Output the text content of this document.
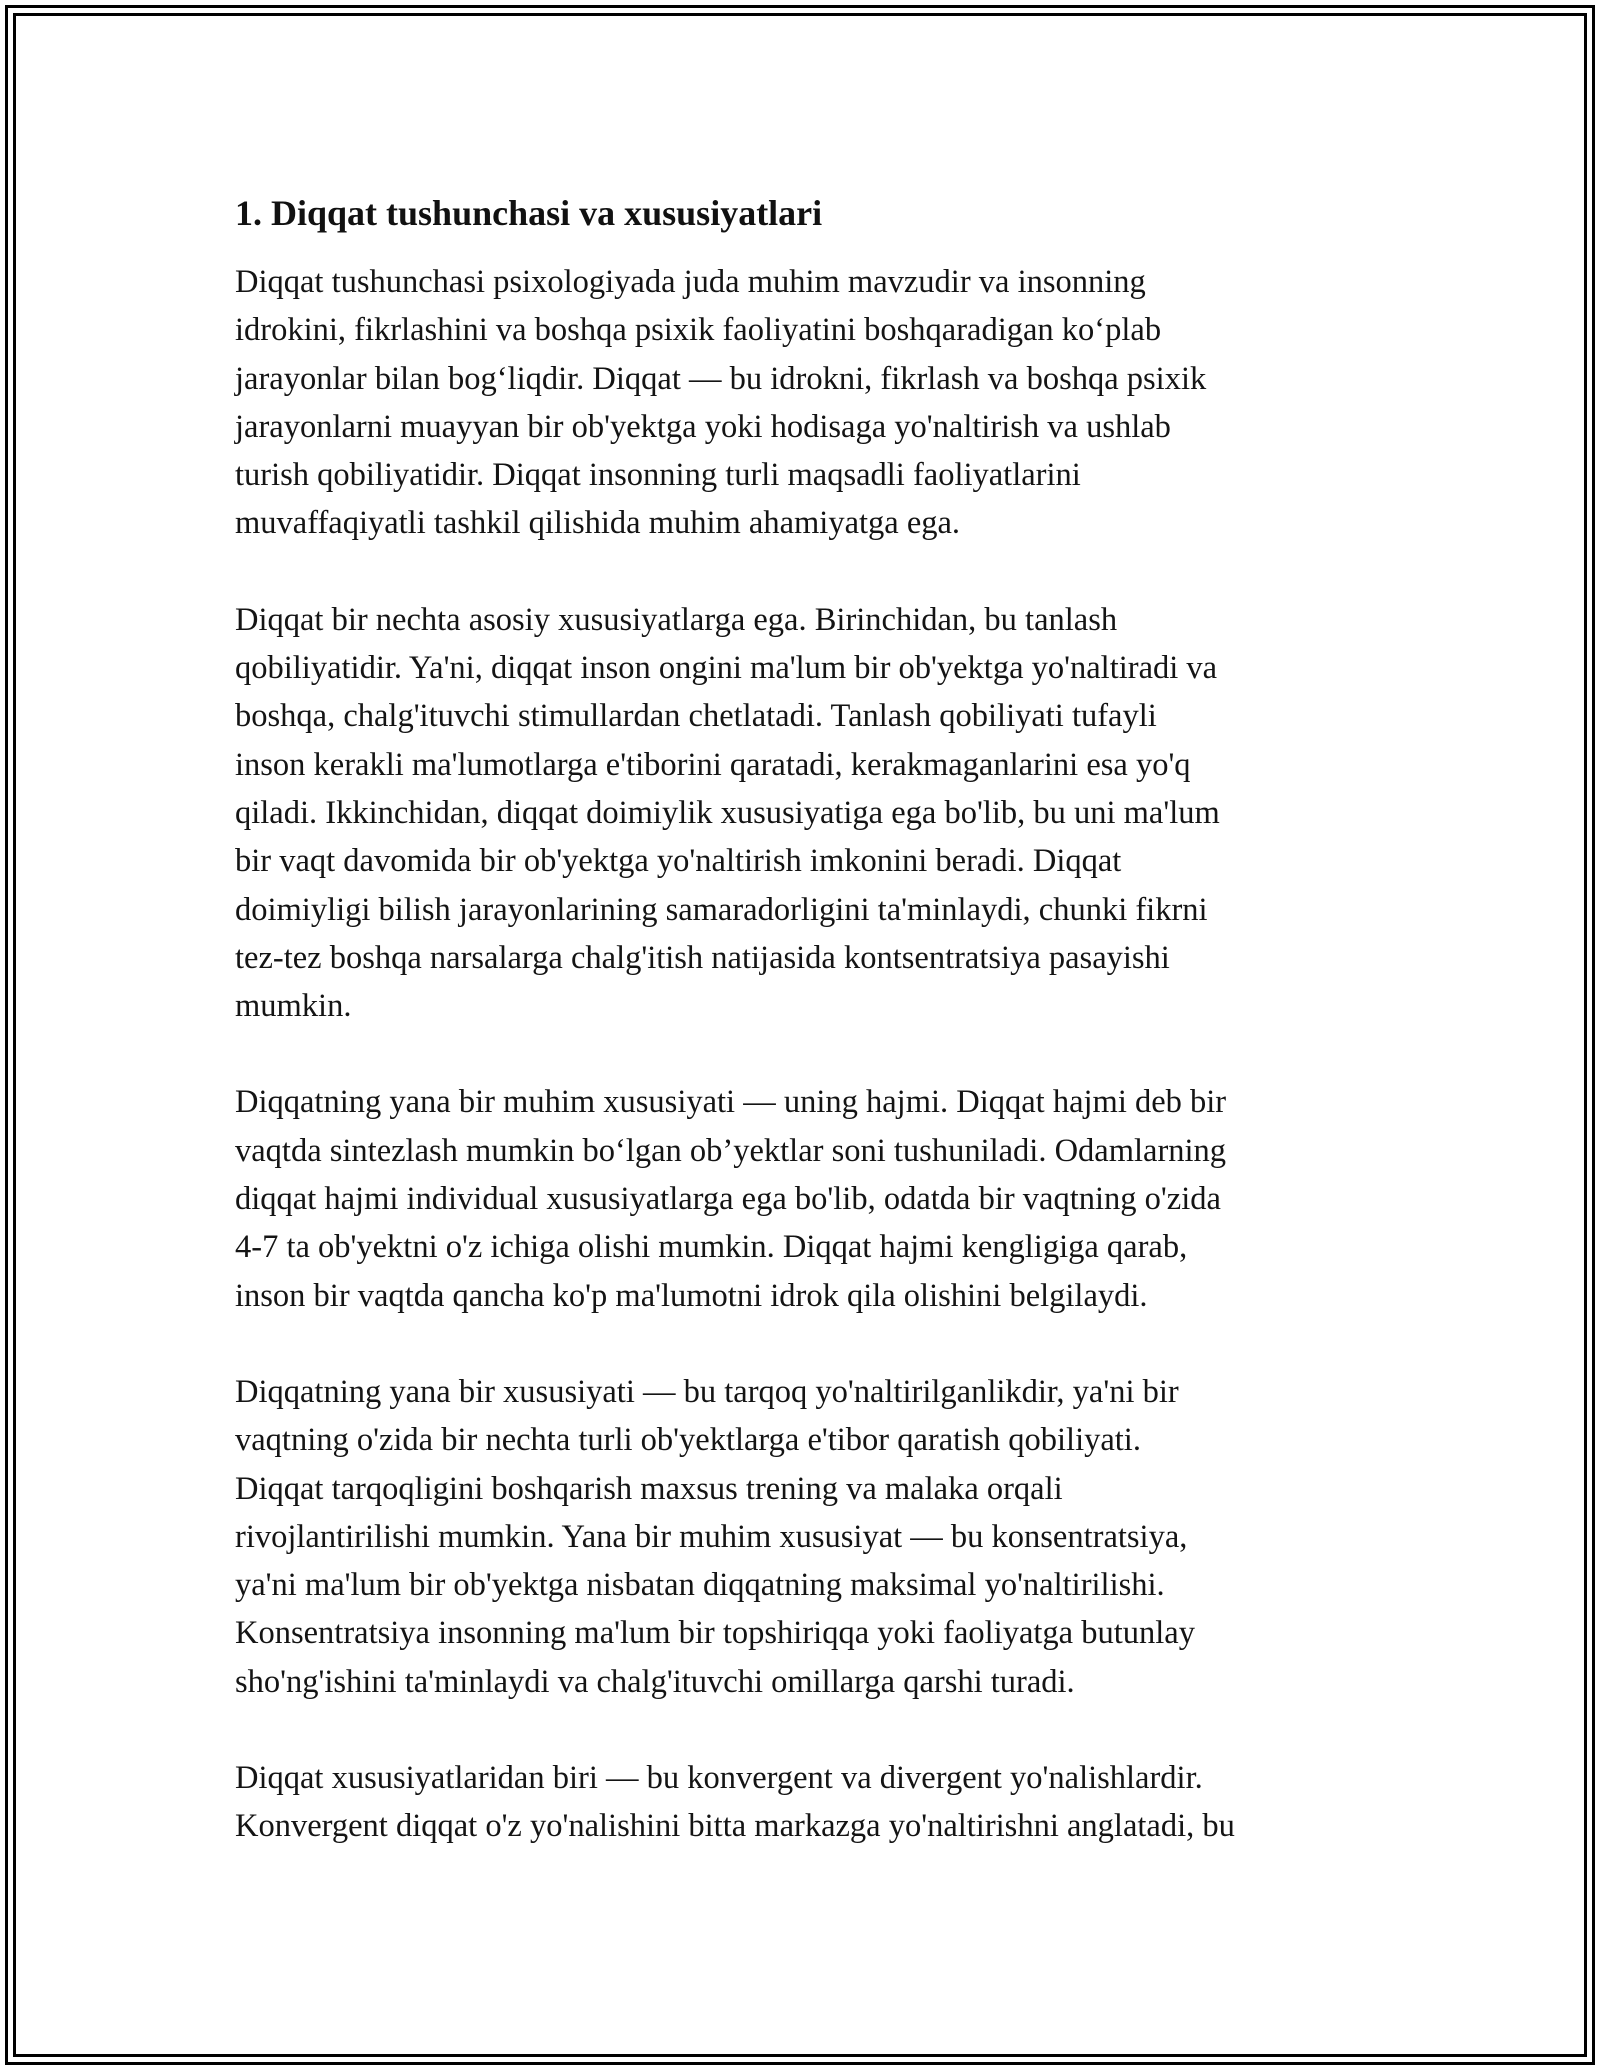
1. Diqqat tushunchasi va xususiyatlari

Diqqat tushunchasi psixologiyada juda muhim mavzudir va insonning
idrokini, fikrlashini va boshqa psixik faoliyatini boshqaradigan ko‘plab
jarayonlar bilan bog‘liqdir. Diqqat — bu idrokni, fikrlash va boshqa psixik
jarayonlarni muayyan bir ob'yektga yoki hodisaga yo'naltirish va ushlab
turish qobiliyatidir. Diqqat insonning turli maqsadli faoliyatlarini
muvaffaqiyatli tashkil qilishida muhim ahamiyatga ega.

Diqqat bir nechta asosiy xususiyatlarga ega. Birinchidan, bu tanlash
qobiliyatidir. Ya'ni, diqqat inson ongini ma'lum bir ob'yektga yo'naltiradi va
boshqa, chalg'ituvchi stimullardan chetlatadi. Tanlash qobiliyati tufayli
inson kerakli ma'lumotlarga e'tiborini qaratadi, kerakmaganlarini esa yo'q
qiladi. Ikkinchidan, diqqat doimiylik xususiyatiga ega bo'lib, bu uni ma'lum
bir vaqt davomida bir ob'yektga yo'naltirish imkonini beradi. Diqqat
doimiyligi bilish jarayonlarining samaradorligini ta'minlaydi, chunki fikrni
tez-tez boshqa narsalarga chalg'itish natijasida kontsentratsiya pasayishi
mumkin.

Diqqatning yana bir muhim xususiyati — uning hajmi. Diqqat hajmi deb bir
vaqtda sintezlash mumkin bo‘lgan ob’yektlar soni tushuniladi. Odamlarning
diqqat hajmi individual xususiyatlarga ega bo'lib, odatda bir vaqtning o'zida
4-7 ta ob'yektni o'z ichiga olishi mumkin. Diqqat hajmi kengligiga qarab,
inson bir vaqtda qancha ko'p ma'lumotni idrok qila olishini belgilaydi.

Diqqatning yana bir xususiyati — bu tarqoq yo'naltirilganlikdir, ya'ni bir
vaqtning o'zida bir nechta turli ob'yektlarga e'tibor qaratish qobiliyati.
Diqqat tarqoqligini boshqarish maxsus trening va malaka orqali
rivojlantirilishi mumkin. Yana bir muhim xususiyat — bu konsentratsiya,
ya'ni ma'lum bir ob'yektga nisbatan diqqatning maksimal yo'naltirilishi.
Konsentratsiya insonning ma'lum bir topshiriqqa yoki faoliyatga butunlay
sho'ng'ishini ta'minlaydi va chalg'ituvchi omillarga qarshi turadi.

Diqqat xususiyatlaridan biri — bu konvergent va divergent yo'nalishlardir.
Konvergent diqqat o'z yo'nalishini bitta markazga yo'naltirishni anglatadi, bu
